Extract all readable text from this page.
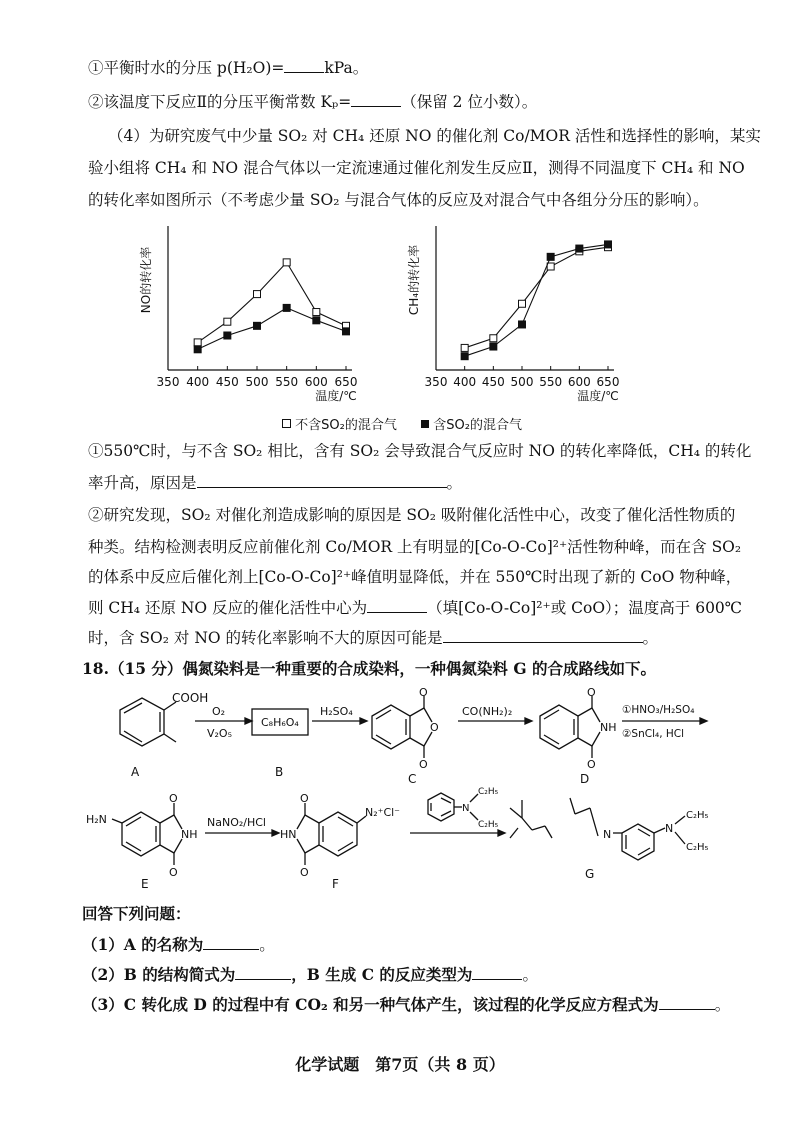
①平衡时水的分压 p(H₂O)=	kPa。
②该温度下反应Ⅱ的分压平衡常数 Kₚ=	（保留 2 位小数）。
（4）为研究废气中少量 SO₂ 对 CH₄ 还原 NO 的催化剂 Co/MOR 活性和选择性的影响，某实
验小组将 CH₄ 和 NO 混合气体以一定流速通过催化剂发生反应Ⅱ，测得不同温度下 CH₄ 和 NO
的转化率如图所示（不考虑少量 SO₂ 与混合气体的反应及对混合气中各组分分压的影响）。
350 400 450 500 550 600 650
温度/℃
NO的转化率
350 400 450 500 550 600 650
温度/℃
CH₄的转化率
不含SO₂的混合气	含SO₂的混合气
①550℃时，与不含 SO₂ 相比，含有 SO₂ 会导致混合气反应时 NO 的转化率降低，CH₄ 的转化
率升高，原因是	。
②研究发现，SO₂ 对催化剂造成影响的原因是 SO₂ 吸附催化活性中心，改变了催化活性物质的
种类。结构检测表明反应前催化剂 Co/MOR 上有明显的[Co-O-Co]²⁺活性物种峰，而在含 SO₂
的体系中反应后催化剂上[Co-O-Co]²⁺峰值明显降低，并在 550℃时出现了新的 CoO 物种峰，
则 CH₄ 还原 NO 反应的催化活性中心为	（填[Co-O-Co]²⁺或 CoO）；温度高于 600℃
时，含 SO₂ 对 NO 的转化率影响不大的原因可能是	。
18.（15 分）偶氮染料是一种重要的合成染料，一种偶氮染料 G 的合成路线如下。
COOH
A
O₂
V₂O₅
C₈H₆O₄
B
H₂SO₄
O
O
O
C
CO(NH₂)₂
O
NH
O
D
①HNO₃/H₂SO₄
②SnCl₄, HCl
H₂N
O
NH
O
E
NaNO₂/HCl
HN
O
O
N₂⁺Cl⁻
F
N
C₂H₅
C₂H₅
N	N
C₂H₅
C₂H₅
G
回答下列问题：
（1）A 的名称为	。
（2）B 的结构简式为	，B 生成 C 的反应类型为	。
（3）C 转化成 D 的过程中有 CO₂ 和另一种气体产生，该过程的化学反应方程式为	。
化学试题　第7页（共 8 页）
